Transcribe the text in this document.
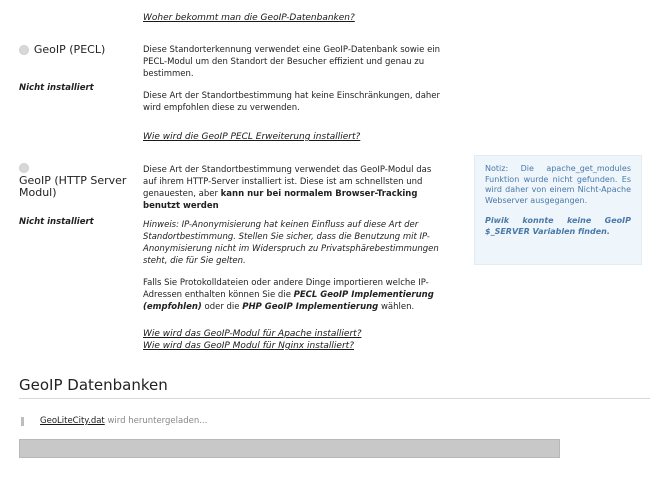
Woher bekommt man die GeoIP-Datenbanken?
GeoIP (PECL)
Nicht installiert
Diese Standorterkennung verwendet eine GeoIP-Datenbank sowie ein PECL-Modul um den Standort der Besucher effizient und genau zu bestimmen.
Diese Art der Standortbestimmung hat keine Einschränkungen, daher wird empfohlen diese zu verwenden.
Wie wird die GeoIP PECL Erweiterung installiert?
GeoIP (HTTP Server Modul)
Nicht installiert
Diese Art der Standortbestimmung verwendet das GeoIP-Modul das auf ihrem HTTP-Server installiert ist. Diese ist am schnellsten und genauesten, aber kann nur bei normalem Browser-Tracking benutzt werden
Hinweis: IP-Anonymisierung hat keinen Einfluss auf diese Art der Standortbestimmung. Stellen Sie sicher, dass die Benutzung mit IP-Anonymisierung nicht im Widerspruch zu Privatsphärebestimmungen steht, die für Sie gelten.
Falls Sie Protokolldateien oder andere Dinge importieren welche IP-Adressen enthalten können Sie die PECL GeoIP Implementierung (empfohlen) oder die PHP GeoIP Implementierung wählen.
Wie wird das GeoIP-Modul für Apache installiert?
Wie wird das GeoIP Modul für Nginx installiert?
Notiz: Die apache_get_modules Funktion wurde nicht gefunden. Es wird daher von einem Nicht-Apache Webserver ausgegangen.
Piwik konnte keine GeoIP $_SERVER Variablen finden.
GeoIP Datenbanken
GeoLiteCity.dat wird heruntergeladen...
